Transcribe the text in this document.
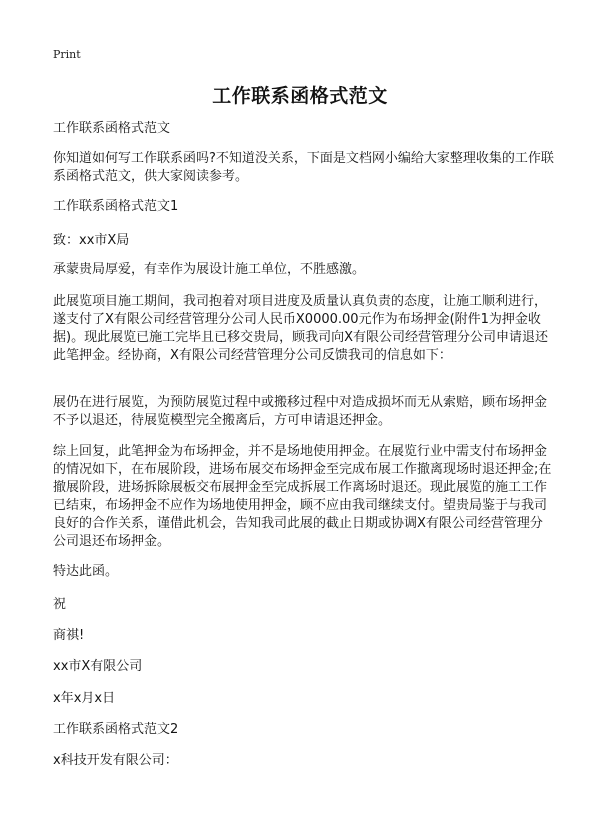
Print
工作联系函格式范文

工作联系函格式范文

你知道如何写工作联系函吗?不知道没关系，下面是文档网小编给大家整理收集的工作联系函格式范文，供大家阅读参考。

工作联系函格式范文1

致：xx市X局

承蒙贵局厚爱，有幸作为展设计施工单位，不胜感激。

此展览项目施工期间，我司抱着对项目进度及质量认真负责的态度，让施工顺利进行，遂支付了X有限公司经营管理分公司人民币X0000.00元作为布场押金(附件1为押金收据)。现此展览已施工完毕且已移交贵局，顾我司向X有限公司经营管理分公司申请退还此笔押金。经协商，X有限公司经营管理分公司反馈我司的信息如下：

展仍在进行展览，为预防展览过程中或搬移过程中对造成损坏而无从索赔，顾布场押金不予以退还，待展览模型完全搬离后，方可申请退还押金。

综上回复，此笔押金为布场押金，并不是场地使用押金。在展览行业中需支付布场押金的情况如下，在布展阶段，进场布展交布场押金至完成布展工作撤离现场时退还押金;在撤展阶段，进场拆除展板交布展押金至完成拆展工作离场时退还。现此展览的施工工作已结束，布场押金不应作为场地使用押金，顾不应由我司继续支付。望贵局鉴于与我司良好的合作关系，谨借此机会，告知我司此展的截止日期或协调X有限公司经营管理分公司退还布场押金。

特达此函。

祝

商祺!

xx市X有限公司

x年x月x日

工作联系函格式范文2

x科技开发有限公司：
